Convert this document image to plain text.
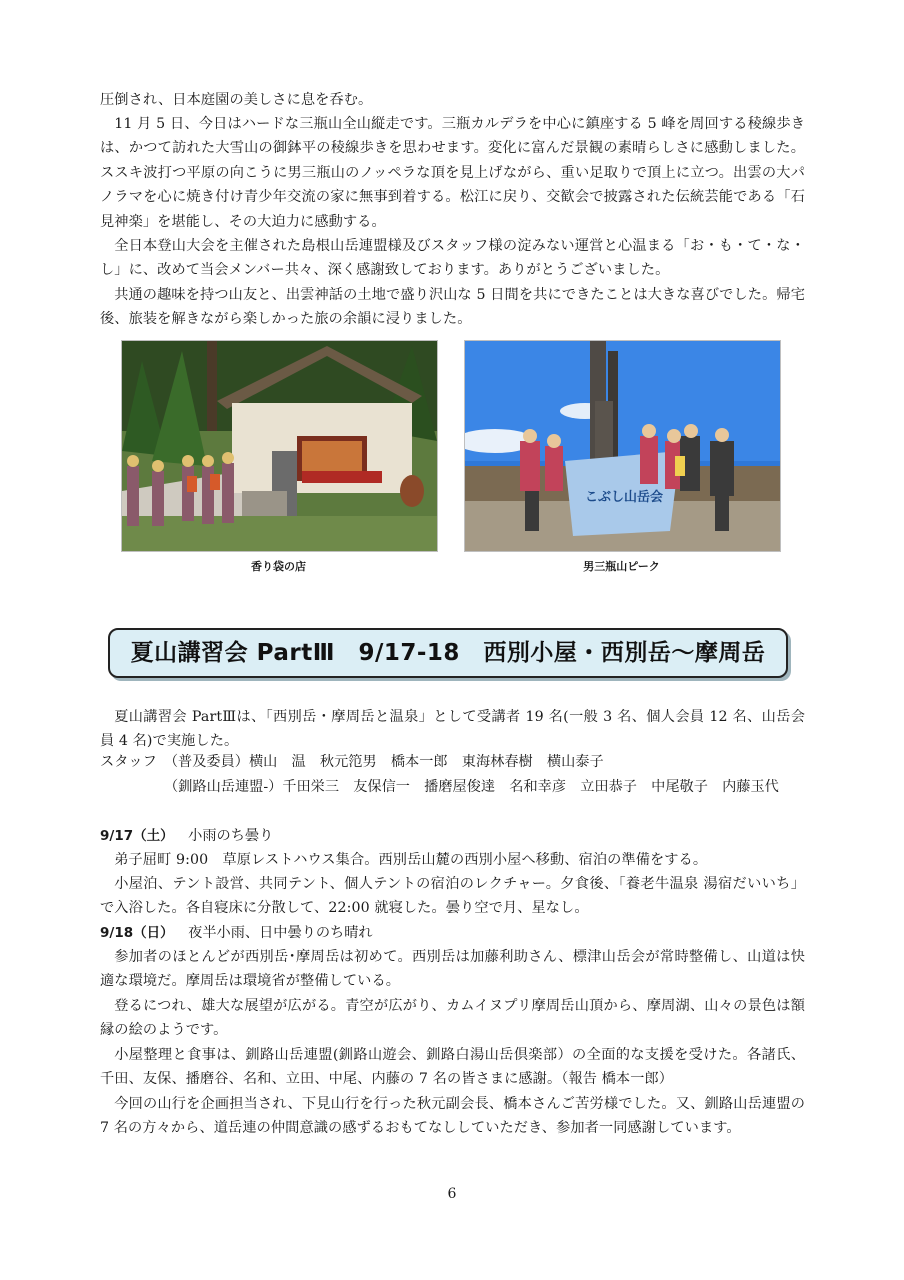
圧倒され、日本庭園の美しさに息を呑む。
11 月 5 日、今日はハードな三瓶山全山縦走です。三瓶カルデラを中心に鎮座する 5 峰を周回する稜線歩きは、かつて訪れた大雪山の御鉢平の稜線歩きを思わせます。変化に富んだ景観の素晴らしさに感動しました。ススキ波打つ平原の向こうに男三瓶山のノッペラな頂を見上げながら、重い足取りで頂上に立つ。出雲の大パノラマを心に焼き付け青少年交流の家に無事到着する。松江に戻り、交歓会で披露された伝統芸能である「石見神楽」を堪能し、その大迫力に感動する。
全日本登山大会を主催された島根山岳連盟様及びスタッフ様の淀みない運営と心温まる「お・も・て・な・し」に、改めて当会メンバー共々、深く感謝致しております。ありがとうございました。
共通の趣味を持つ山友と、出雲神話の土地で盛り沢山な 5 日間を共にできたことは大きな喜びでした。帰宅後、旅装を解きながら楽しかった旅の余韻に浸りました。
香り袋の店
こぶし山岳会
男三瓶山ピーク
夏山講習会 PartⅢ　9/17-18　西別小屋・西別岳～摩周岳
夏山講習会 PartⅢは、「西別岳・摩周岳と温泉」として受講者 19 名(一般 3 名、個人会員 12 名、山岳会員 4 名)で実施した。
スタッフ　（普及委員）横山　温　秋元笵男　橋本一郎　東海林春樹　横山泰子
（釧路山岳連盟-）千田栄三　友保信一　播磨屋俊達　名和幸彦　立田恭子　中尾敬子　内藤玉代
9/17（土） 小雨のち曇り
弟子屈町 9:00　草原レストハウス集合。西別岳山麓の西別小屋へ移動、宿泊の準備をする。
小屋泊、テント設営、共同テント、個人テントの宿泊のレクチャー。夕食後、「養老牛温泉 湯宿だいいち」で入浴した。各自寝床に分散して、22:00 就寝した。曇り空で月、星なし。
9/18（日） 夜半小雨、日中曇りのち晴れ
参加者のほとんどが西別岳･摩周岳は初めて。西別岳は加藤利助さん、標津山岳会が常時整備し、山道は快適な環境だ。摩周岳は環境省が整備している。
登るにつれ、雄大な展望が広がる。青空が広がり、カムイヌプリ摩周岳山頂から、摩周湖、山々の景色は額縁の絵のようです。
小屋整理と食事は、釧路山岳連盟(釧路山遊会、釧路白湯山岳倶楽部）の全面的な支援を受けた。各諸氏、千田、友保、播磨谷、名和、立田、中尾、内藤の 7 名の皆さまに感謝。（報告 橋本一郎）
今回の山行を企画担当され、下見山行を行った秋元副会長、橋本さんご苦労様でした。又、釧路山岳連盟の 7 名の方々から、道岳連の仲間意識の感ずるおもてなししていただき、参加者一同感謝しています。
6
